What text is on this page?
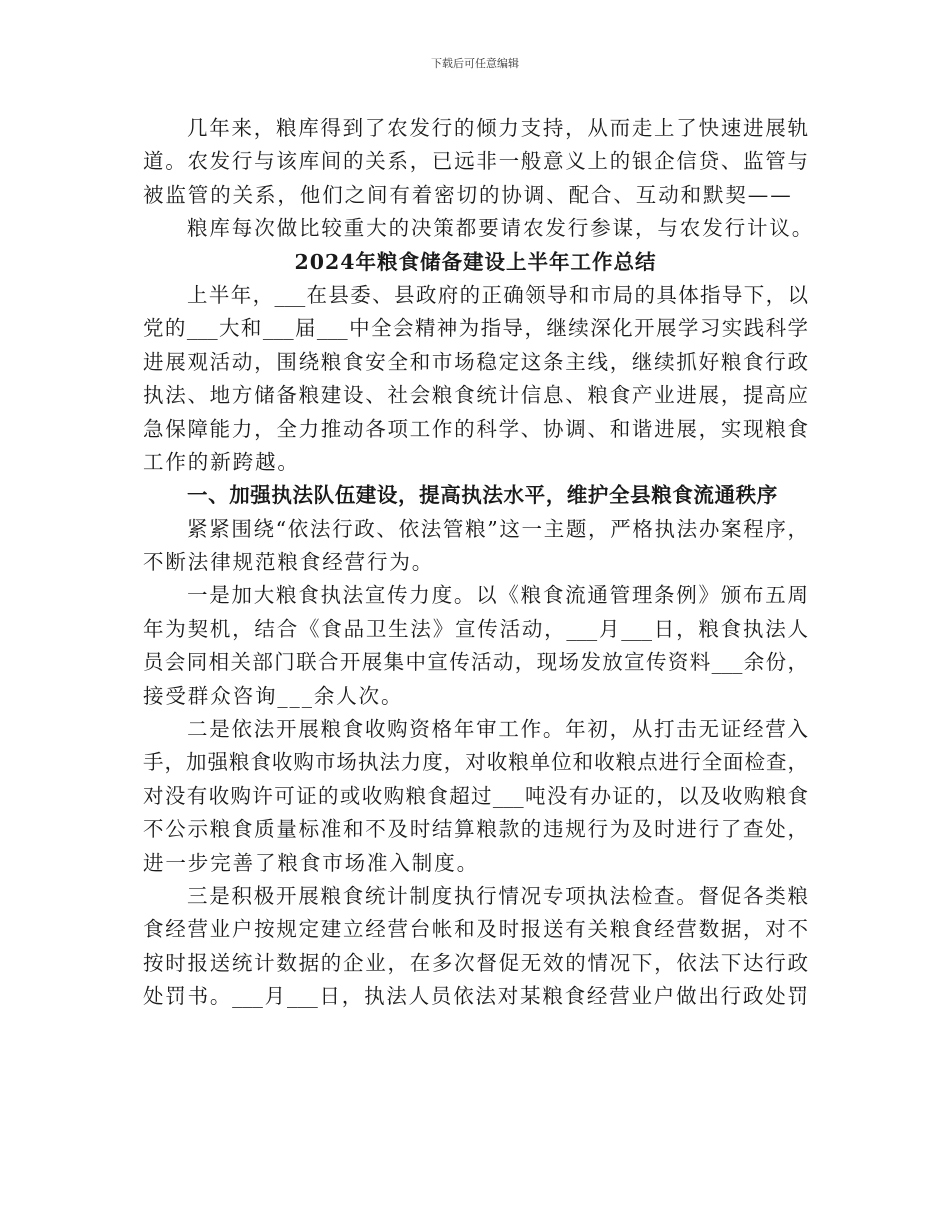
下载后可任意编辑
几年来，粮库得到了农发行的倾力支持，从而走上了快速进展轨
道。农发行与该库间的关系，已远非一般意义上的银企信贷、监管与
被监管的关系，他们之间有着密切的协调、配合、互动和默契——
粮库每次做比较重大的决策都要请农发行参谋，与农发行计议。
2024年粮食储备建设上半年工作总结
上半年，___在县委、县政府的正确领导和市局的具体指导下，以
党的___大和___届___中全会精神为指导，继续深化开展学习实践科学
进展观活动，围绕粮食安全和市场稳定这条主线，继续抓好粮食行政
执法、地方储备粮建设、社会粮食统计信息、粮食产业进展，提高应
急保障能力，全力推动各项工作的科学、协调、和谐进展，实现粮食
工作的新跨越。
一、加强执法队伍建设，提高执法水平，维护全县粮食流通秩序
紧紧围绕“依法行政、依法管粮”这一主题，严格执法办案程序，
不断法律规范粮食经营行为。
一是加大粮食执法宣传力度。以《粮食流通管理条例》颁布五周
年为契机，结合《食品卫生法》宣传活动，___月___日，粮食执法人
员会同相关部门联合开展集中宣传活动，现场发放宣传资料___余份，
接受群众咨询___余人次。
二是依法开展粮食收购资格年审工作。年初，从打击无证经营入
手，加强粮食收购市场执法力度，对收粮单位和收粮点进行全面检查，
对没有收购许可证的或收购粮食超过___吨没有办证的，以及收购粮食
不公示粮食质量标准和不及时结算粮款的违规行为及时进行了查处，
进一步完善了粮食市场准入制度。
三是积极开展粮食统计制度执行情况专项执法检查。督促各类粮
食经营业户按规定建立经营台帐和及时报送有关粮食经营数据，对不
按时报送统计数据的企业，在多次督促无效的情况下，依法下达行政
处罚书。___月___日，执法人员依法对某粮食经营业户做出行政处罚
